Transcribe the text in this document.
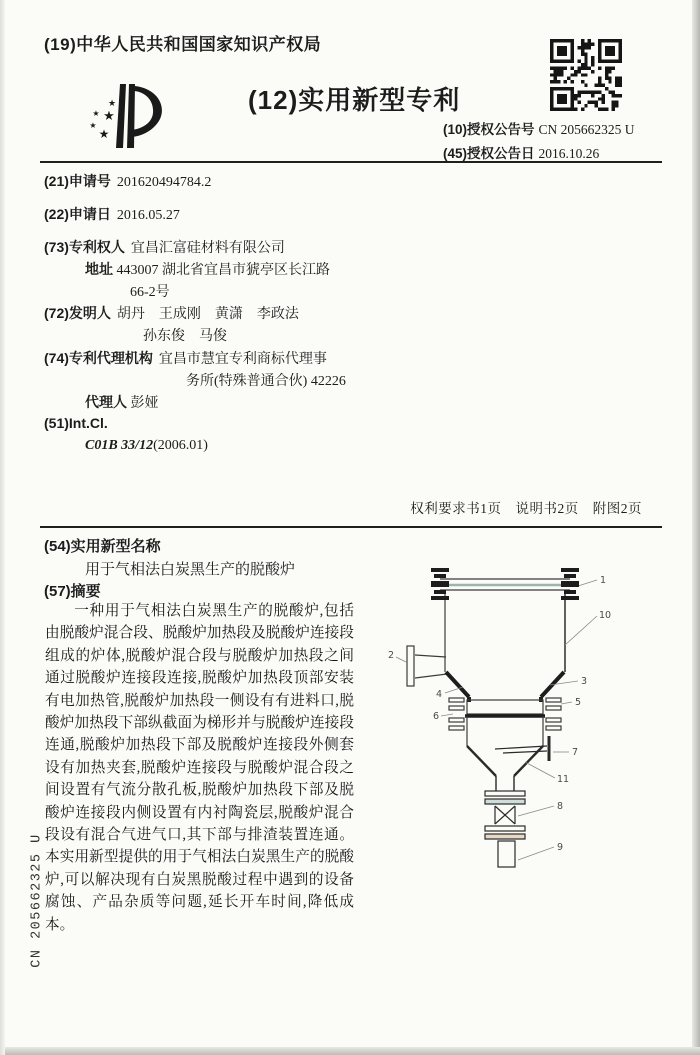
(19)中华人民共和国国家知识产权局
★
★ ★
★
★
(12)实用新型专利
(10)授权公告号 CN 205662325 U
(45)授权公告日 2016.10.26
(21)申请号 201620494784.2
(22)申请日 2016.05.27
(73)专利权人 宜昌汇富硅材料有限公司
地址 443007 湖北省宜昌市猇亭区长江路
66-2号
(72)发明人 胡丹　王成刚　黄潇　李政法
孙东俊　马俊
(74)专利代理机构 宜昌市慧宜专利商标代理事
务所(特殊普通合伙) 42226
代理人 彭娅
(51)Int.Cl.
C01B 33/12(2006.01)
权利要求书1页　说明书2页　附图2页
(54)实用新型名称
用于气相法白炭黑生产的脱酸炉
(57)摘要
一种用于气相法白炭黑生产的脱酸炉,包括由脱酸炉混合段、脱酸炉加热段及脱酸炉连接段组成的炉体,脱酸炉混合段与脱酸炉加热段之间通过脱酸炉连接段连接,脱酸炉加热段顶部安装有电加热管,脱酸炉加热段一侧设有有进料口,脱酸炉加热段下部纵截面为梯形并与脱酸炉连接段连通,脱酸炉加热段下部及脱酸炉连接段外侧套设有加热夹套,脱酸炉连接段与脱酸炉混合段之间设置有气流分散孔板,脱酸炉加热段下部及脱酸炉连接段内侧设置有内衬陶瓷层,脱酸炉混合段设有混合气进气口,其下部与排渣装置连通。本实用新型提供的用于气相法白炭黑生产的脱酸炉,可以解决现有白炭黑脱酸过程中遇到的设备腐蚀、产品杂质等问题,延长开车时间,降低成本。
1
10
2
3
4
5
6
7
11
8
9
CN 205662325 U
